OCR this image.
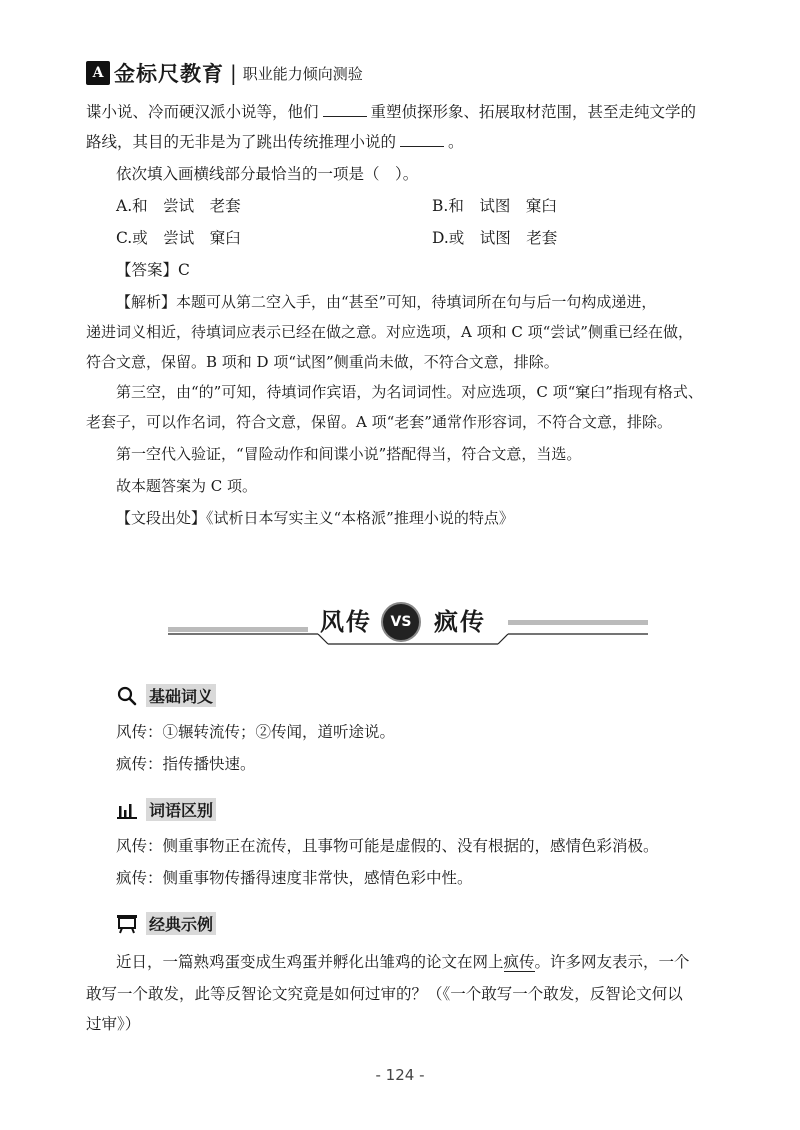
A 金标尺教育 | 职业能力倾向测验
谍小说、冷而硬汉派小说等，他们	重塑侦探形象、拓展取材范围，甚至走纯文学的
路线，其目的无非是为了跳出传统推理小说的	。
依次填入画横线部分最恰当的一项是（　）。
A.和　尝试　老套	B.和　试图　窠臼
C.或　尝试　窠臼	D.或　试图　老套
【答案】C
【解析】本题可从第二空入手，由“甚至”可知，待填词所在句与后一句构成递进，
递进词义相近，待填词应表示已经在做之意。对应选项，A 项和 C 项“尝试”侧重已经在做，
符合文意，保留。B 项和 D 项“试图”侧重尚未做，不符合文意，排除。
第三空，由“的”可知，待填词作宾语，为名词词性。对应选项，C 项“窠臼”指现有格式、
老套子，可以作名词，符合文意，保留。A 项“老套”通常作形容词，不符合文意，排除。
第一空代入验证，“冒险动作和间谍小说”搭配得当，符合文意，当选。
故本题答案为 C 项。
【文段出处】《试析日本写实主义“本格派”推理小说的特点》
风传	VS 疯传
基础词义
风传：①辗转流传；②传闻，道听途说。
疯传：指传播快速。
词语区别
风传：侧重事物正在流传，且事物可能是虚假的、没有根据的，感情色彩消极。
疯传：侧重事物传播得速度非常快，感情色彩中性。
经典示例
近日，一篇熟鸡蛋变成生鸡蛋并孵化出雏鸡的论文在网上疯传。许多网友表示，一个
敢写一个敢发，此等反智论文究竟是如何过审的？（《一个敢写一个敢发，反智论文何以
过审》）
- 124 -
